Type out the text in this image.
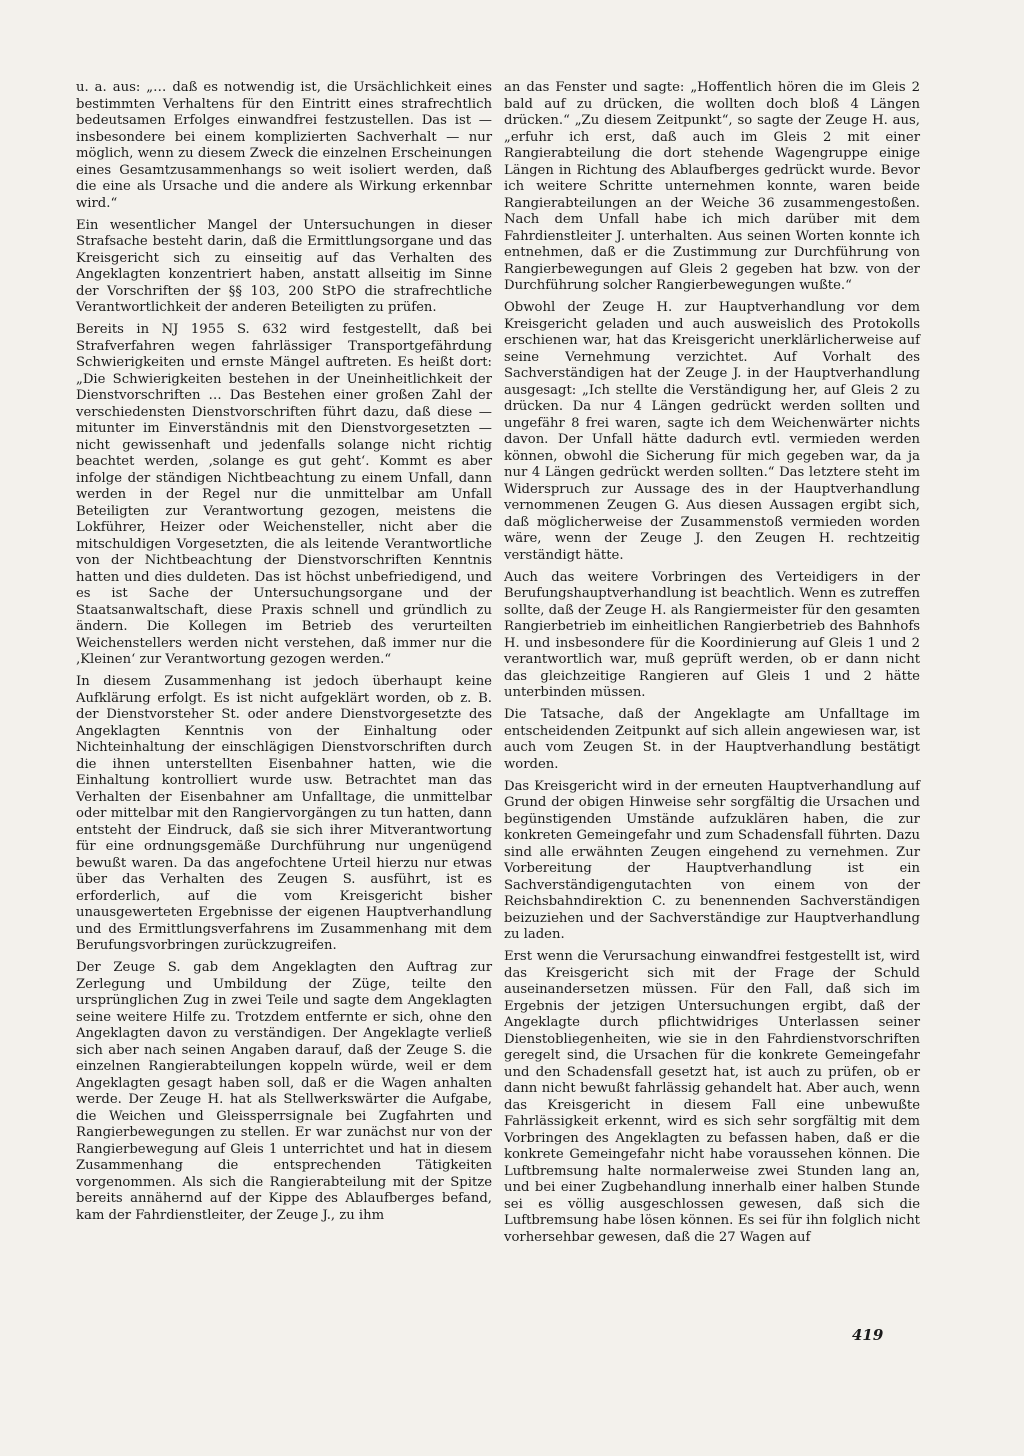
u. a. aus: „… daß es notwendig ist, die Ursächlichkeit eines bestimmten Verhaltens für den Eintritt eines strafrechtlich bedeutsamen Erfolges einwandfrei festzustellen. Das ist — insbesondere bei einem komplizierten Sachverhalt — nur möglich, wenn zu diesem Zweck die einzelnen Erscheinungen eines Gesamtzusammenhangs so weit isoliert werden, daß die eine als Ursache und die andere als Wirkung erkennbar wird.“

Ein wesentlicher Mangel der Untersuchungen in dieser Strafsache besteht darin, daß die Ermittlungsorgane und das Kreisgericht sich zu einseitig auf das Verhalten des Angeklagten konzentriert haben, anstatt allseitig im Sinne der Vorschriften der §§ 103, 200 StPO die strafrechtliche Verantwortlichkeit der anderen Beteiligten zu prüfen.

Bereits in NJ 1955 S. 632 wird festgestellt, daß bei Strafverfahren wegen fahrlässiger Transportgefährdung Schwierigkeiten und ernste Mängel auftreten. Es heißt dort: „Die Schwierigkeiten bestehen in der Uneinheitlichkeit der Dienstvorschriften … Das Bestehen einer großen Zahl der verschiedensten Dienstvorschriften führt dazu, daß diese — mitunter im Einverständnis mit den Dienstvorgesetzten — nicht gewissenhaft und jedenfalls solange nicht richtig beachtet werden, ‚solange es gut geht‘. Kommt es aber infolge der ständigen Nichtbeachtung zu einem Unfall, dann werden in der Regel nur die unmittelbar am Unfall Beteiligten zur Verantwortung gezogen, meistens die Lokführer, Heizer oder Weichensteller, nicht aber die mitschuldigen Vorgesetzten, die als leitende Verantwortliche von der Nichtbeachtung der Dienstvorschriften Kenntnis hatten und dies duldeten. Das ist höchst unbefriedigend, und es ist Sache der Untersuchungsorgane und der Staatsanwaltschaft, diese Praxis schnell und gründlich zu ändern. Die Kollegen im Betrieb des verurteilten Weichenstellers werden nicht verstehen, daß immer nur die ‚Kleinen‘ zur Verantwortung gezogen werden.“

In diesem Zusammenhang ist jedoch überhaupt keine Aufklärung erfolgt. Es ist nicht aufgeklärt worden, ob z. B. der Dienstvorsteher St. oder andere Dienstvorgesetzte des Angeklagten Kenntnis von der Einhaltung oder Nichteinhaltung der einschlägigen Dienstvorschriften durch die ihnen unterstellten Eisenbahner hatten, wie die Einhaltung kontrolliert wurde usw. Betrachtet man das Verhalten der Eisenbahner am Unfalltage, die unmittelbar oder mittelbar mit den Rangiervorgängen zu tun hatten, dann entsteht der Eindruck, daß sie sich ihrer Mitverantwortung für eine ordnungsgemäße Durchführung nur ungenügend bewußt waren. Da das angefochtene Urteil hierzu nur etwas über das Verhalten des Zeugen S. ausführt, ist es erforderlich, auf die vom Kreisgericht bisher unausgewerteten Ergebnisse der eigenen Hauptverhandlung und des Ermittlungsverfahrens im Zusammenhang mit dem Berufungsvorbringen zurückzugreifen.

Der Zeuge S. gab dem Angeklagten den Auftrag zur Zerlegung und Umbildung der Züge, teilte den ursprünglichen Zug in zwei Teile und sagte dem Angeklagten seine weitere Hilfe zu. Trotzdem entfernte er sich, ohne den Angeklagten davon zu verständigen. Der Angeklagte verließ sich aber nach seinen Angaben darauf, daß der Zeuge S. die einzelnen Rangierabteilungen koppeln würde, weil er dem Angeklagten gesagt haben soll, daß er die Wagen anhalten werde. Der Zeuge H. hat als Stellwerkswärter die Aufgabe, die Weichen und Gleissperrsignale bei Zugfahrten und Rangierbewegungen zu stellen. Er war zunächst nur von der Rangierbewegung auf Gleis 1 unterrichtet und hat in diesem Zusammenhang die entsprechenden Tätigkeiten vorgenommen. Als sich die Rangierabteilung mit der Spitze bereits annähernd auf der Kippe des Ablaufberges befand, kam der Fahrdienstleiter, der Zeuge J., zu ihm

an das Fenster und sagte: „Hoffentlich hören die im Gleis 2 bald auf zu drücken, die wollten doch bloß 4 Längen drücken.“ „Zu diesem Zeitpunkt“, so sagte der Zeuge H. aus, „erfuhr ich erst, daß auch im Gleis 2 mit einer Rangierabteilung die dort stehende Wagengruppe einige Längen in Richtung des Ablaufberges gedrückt wurde. Bevor ich weitere Schritte unternehmen konnte, waren beide Rangierabteilungen an der Weiche 36 zusammengestoßen. Nach dem Unfall habe ich mich darüber mit dem Fahrdienstleiter J. unterhalten. Aus seinen Worten konnte ich entnehmen, daß er die Zustimmung zur Durchführung von Rangierbewegungen auf Gleis 2 gegeben hat bzw. von der Durchführung solcher Rangierbewegungen wußte.“

Obwohl der Zeuge H. zur Hauptverhandlung vor dem Kreisgericht geladen und auch ausweislich des Protokolls erschienen war, hat das Kreisgericht unerklärlicherweise auf seine Vernehmung verzichtet. Auf Vorhalt des Sachverständigen hat der Zeuge J. in der Hauptverhandlung ausgesagt: „Ich stellte die Verständigung her, auf Gleis 2 zu drücken. Da nur 4 Längen gedrückt werden sollten und ungefähr 8 frei waren, sagte ich dem Weichenwärter nichts davon. Der Unfall hätte dadurch evtl. vermieden werden können, obwohl die Sicherung für mich gegeben war, da ja nur 4 Längen gedrückt werden sollten.“ Das letztere steht im Widerspruch zur Aussage des in der Hauptverhandlung vernommenen Zeugen G. Aus diesen Aussagen ergibt sich, daß möglicherweise der Zusammenstoß vermieden worden wäre, wenn der Zeuge J. den Zeugen H. rechtzeitig verständigt hätte.

Auch das weitere Vorbringen des Verteidigers in der Berufungshauptverhandlung ist beachtlich. Wenn es zutreffen sollte, daß der Zeuge H. als Rangiermeister für den gesamten Rangierbetrieb im einheitlichen Rangierbetrieb des Bahnhofs H. und insbesondere für die Koordinierung auf Gleis 1 und 2 verantwortlich war, muß geprüft werden, ob er dann nicht das gleichzeitige Rangieren auf Gleis 1 und 2 hätte unterbinden müssen.

Die Tatsache, daß der Angeklagte am Unfalltage im entscheidenden Zeitpunkt auf sich allein angewiesen war, ist auch vom Zeugen St. in der Hauptverhandlung bestätigt worden.

Das Kreisgericht wird in der erneuten Hauptverhandlung auf Grund der obigen Hinweise sehr sorgfältig die Ursachen und begünstigenden Umstände aufzuklären haben, die zur konkreten Gemeingefahr und zum Schadensfall führten. Dazu sind alle erwähnten Zeugen eingehend zu vernehmen. Zur Vorbereitung der Hauptverhandlung ist ein Sachverständigengutachten von einem von der Reichsbahndirektion C. zu benennenden Sachverständigen beizuziehen und der Sachverständige zur Hauptverhandlung zu laden.

Erst wenn die Verursachung einwandfrei festgestellt ist, wird das Kreisgericht sich mit der Frage der Schuld auseinandersetzen müssen. Für den Fall, daß sich im Ergebnis der jetzigen Untersuchungen ergibt, daß der Angeklagte durch pflichtwidriges Unterlassen seiner Dienstobliegenheiten, wie sie in den Fahrdienstvorschriften geregelt sind, die Ursachen für die konkrete Gemeingefahr und den Schadensfall gesetzt hat, ist auch zu prüfen, ob er dann nicht bewußt fahrlässig gehandelt hat. Aber auch, wenn das Kreisgericht in diesem Fall eine unbewußte Fahrlässigkeit erkennt, wird es sich sehr sorgfältig mit dem Vorbringen des Angeklagten zu befassen haben, daß er die konkrete Gemeingefahr nicht habe voraussehen können. Die Luftbremsung halte normalerweise zwei Stunden lang an, und bei einer Zugbehandlung innerhalb einer halben Stunde sei es völlig ausgeschlossen gewesen, daß sich die Luftbremsung habe lösen können. Es sei für ihn folglich nicht vorhersehbar gewesen, daß die 27 Wagen auf

419
